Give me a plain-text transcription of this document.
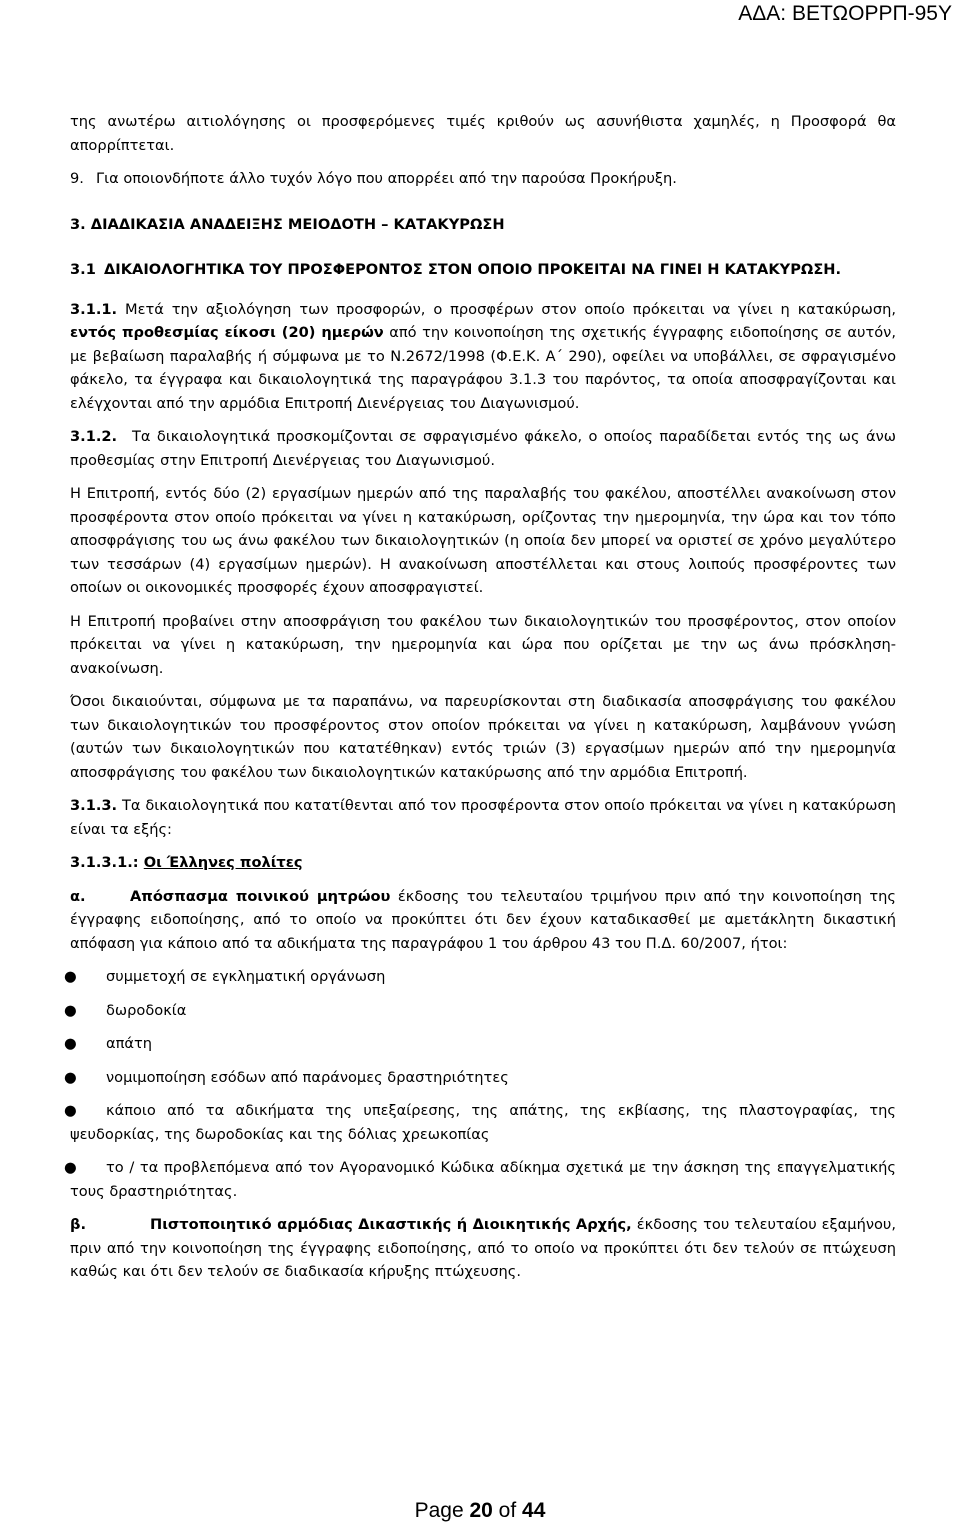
ΑΔΑ: ΒΕΤΩΟΡΡΠ-95Υ

της ανωτέρω αιτιολόγησης οι προσφερόμενες τιμές κριθούν ως ασυνήθιστα χαμηλές, η Προσφορά θα απορρίπτεται.

9. Για οποιονδήποτε άλλο τυχόν λόγο που απορρέει από την παρούσα Προκήρυξη.

3. ΔΙΑΔΙΚΑΣΙΑ ΑΝΑΔΕΙΞΗΣ ΜΕΙΟΔΟΤΗ – ΚΑΤΑΚΥΡΩΣΗ

3.1 ΔΙΚΑΙΟΛΟΓΗΤΙΚΑ ΤΟΥ ΠΡΟΣΦΕΡΟΝΤΟΣ ΣΤΟΝ ΟΠΟΙΟ ΠΡΟΚΕΙΤΑΙ ΝΑ ΓΙΝΕΙ Η ΚΑΤΑΚΥΡΩΣΗ.

3.1.1. Μετά την αξιολόγηση των προσφορών, ο προσφέρων στον οποίο πρόκειται να γίνει η κατακύρωση, εντός προθεσμίας είκοσι (20) ημερών από την κοινοποίηση της σχετικής έγγραφης ειδοποίησης σε αυτόν, με βεβαίωση παραλαβής ή σύμφωνα με το Ν.2672/1998 (Φ.Ε.Κ. Α΄ 290), οφείλει να υποβάλλει, σε σφραγισμένο φάκελο, τα έγγραφα και δικαιολογητικά της παραγράφου 3.1.3 του παρόντος, τα οποία αποσφραγίζονται και ελέγχονται από την αρμόδια Επιτροπή Διενέργειας του Διαγωνισμού.

3.1.2. Τα δικαιολογητικά προσκομίζονται σε σφραγισμένο φάκελο, ο οποίος παραδίδεται εντός της ως άνω προθεσμίας στην Επιτροπή Διενέργειας του Διαγωνισμού.

Η Επιτροπή, εντός δύο (2) εργασίμων ημερών από της παραλαβής του φακέλου, αποστέλλει ανακοίνωση στον προσφέροντα στον οποίο πρόκειται να γίνει η κατακύρωση, ορίζοντας την ημερομηνία, την ώρα και τον τόπο αποσφράγισης του ως άνω φακέλου των δικαιολογητικών (η οποία δεν μπορεί να οριστεί σε χρόνο μεγαλύτερο των τεσσάρων (4) εργασίμων ημερών). Η ανακοίνωση αποστέλλεται και στους λοιπούς προσφέροντες των οποίων οι οικονομικές προσφορές έχουν αποσφραγιστεί.

Η Επιτροπή προβαίνει στην αποσφράγιση του φακέλου των δικαιολογητικών του προσφέροντος, στον οποίον πρόκειται να γίνει η κατακύρωση, την ημερομηνία και ώρα που ορίζεται με την ως άνω πρόσκληση-ανακοίνωση.

Όσοι δικαιούνται, σύμφωνα με τα παραπάνω, να παρευρίσκονται στη διαδικασία αποσφράγισης του φακέλου των δικαιολογητικών του προσφέροντος στον οποίον πρόκειται να γίνει η κατακύρωση, λαμβάνουν γνώση (αυτών των δικαιολογητικών που κατατέθηκαν) εντός τριών (3) εργασίμων ημερών από την ημερομηνία αποσφράγισης του φακέλου των δικαιολογητικών κατακύρωσης από την αρμόδια Επιτροπή.

3.1.3. Τα δικαιολογητικά που κατατίθενται από τον προσφέροντα στον οποίο πρόκειται να γίνει η κατακύρωση είναι τα εξής:

3.1.3.1.: Οι Έλληνες πολίτες

α.	Απόσπασμα ποινικού μητρώου έκδοσης του τελευταίου τριμήνου πριν από την κοινοποίηση της έγγραφης ειδοποίησης, από το οποίο να προκύπτει ότι δεν έχουν καταδικασθεί με αμετάκλητη δικαστική απόφαση για κάποιο από τα αδικήματα της παραγράφου 1 του άρθρου 43 του Π.Δ. 60/2007, ήτοι:

● συμμετοχή σε εγκληματική οργάνωση
● δωροδοκία
● απάτη
● νομιμοποίηση εσόδων από παράνομες δραστηριότητες
● κάποιο από τα αδικήματα της υπεξαίρεσης, της απάτης, της εκβίασης, της πλαστογραφίας, της ψευδορκίας, της δωροδοκίας και της δόλιας χρεωκοπίας
● το / τα προβλεπόμενα από τον Αγορανομικό Κώδικα αδίκημα σχετικά με την άσκηση της επαγγελματικής τους δραστηριότητας.

β.	Πιστοποιητικό αρμόδιας Δικαστικής ή Διοικητικής Αρχής, έκδοσης του τελευταίου εξαμήνου, πριν από την κοινοποίηση της έγγραφης ειδοποίησης, από το οποίο να προκύπτει ότι δεν τελούν σε πτώχευση καθώς και ότι δεν τελούν σε διαδικασία κήρυξης πτώχευσης.

Page 20 of 44
